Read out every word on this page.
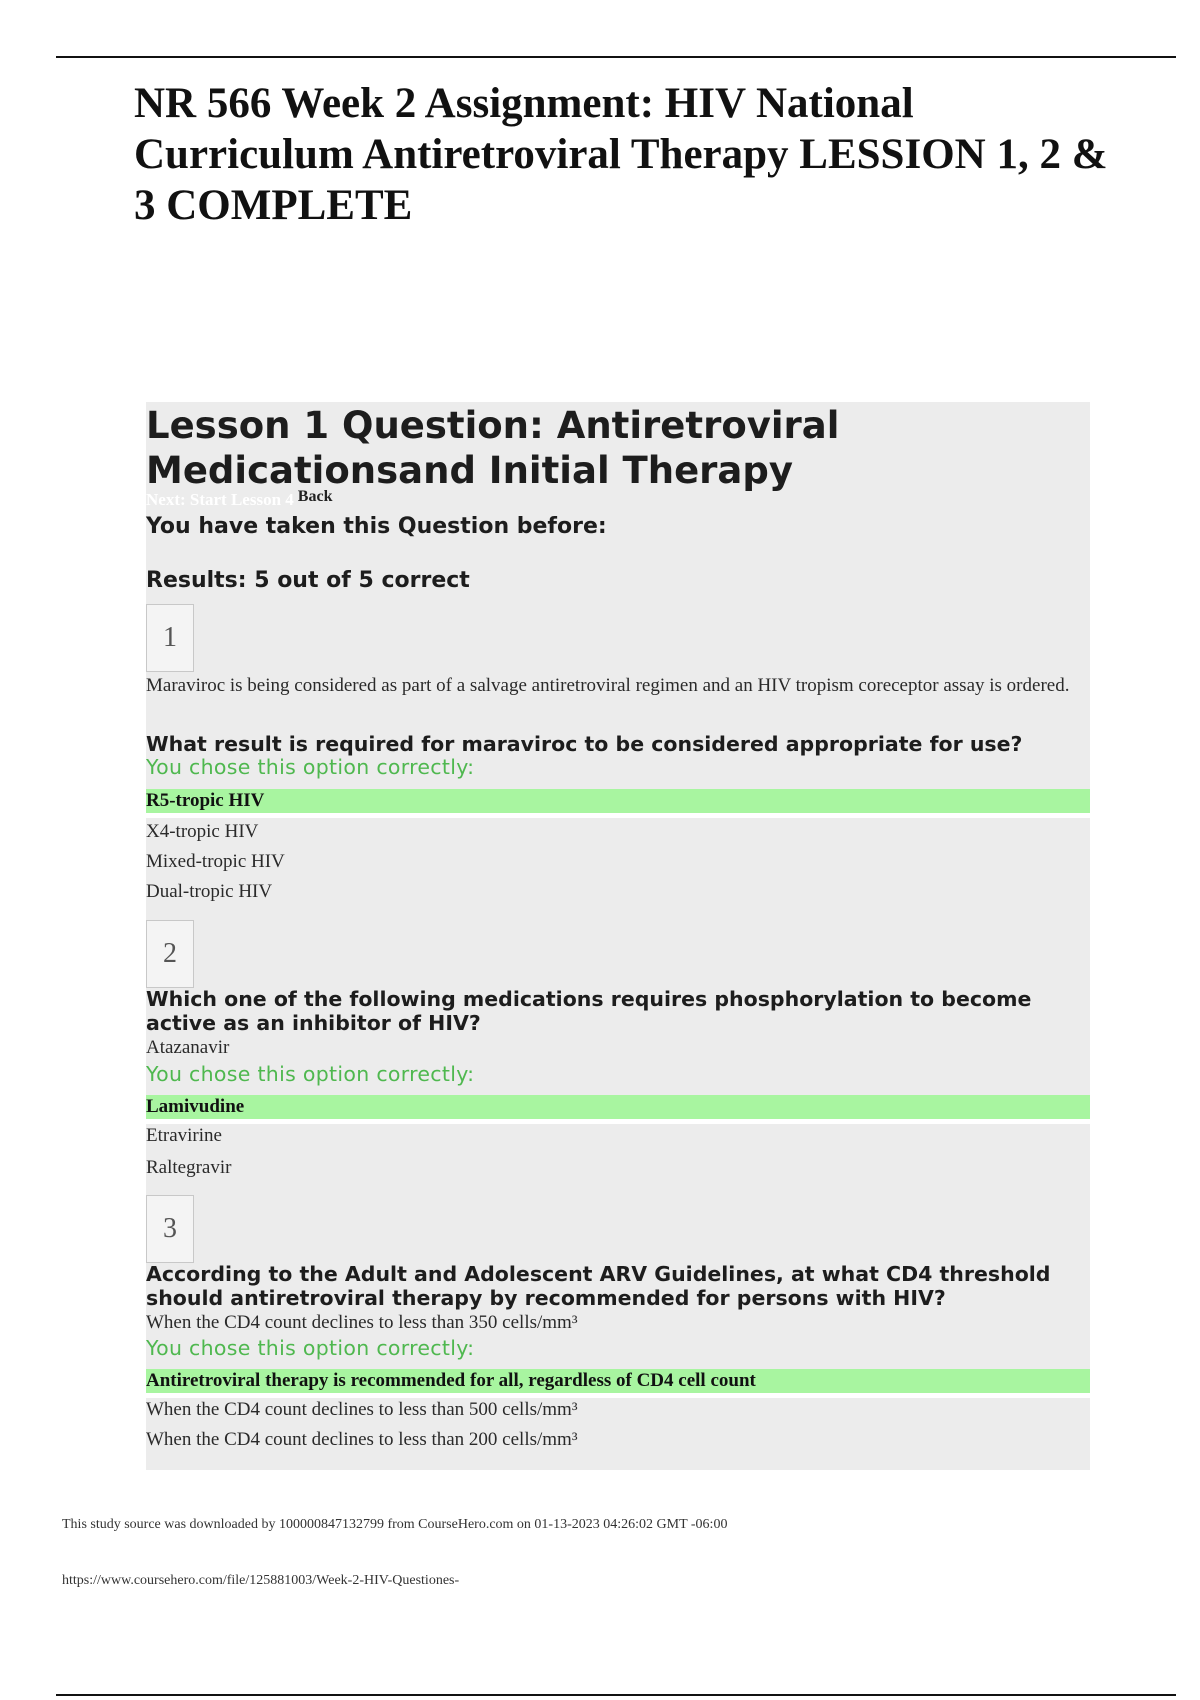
NR 566 Week 2 Assignment: HIV National Curriculum Antiretroviral Therapy LESSION 1, 2 & 3 COMPLETE
Lesson 1 Question: Antiretroviral Medicationsand Initial Therapy
Next: Start Lesson 4 Back
You have taken this Question before:
Results: 5 out of 5 correct
1
Maraviroc is being considered as part of a salvage antiretroviral regimen and an HIV tropism coreceptor assay is ordered.
What result is required for maraviroc to be considered appropriate for use?
You chose this option correctly:
R5-tropic HIV
X4-tropic HIV
Mixed-tropic HIV
Dual-tropic HIV
2
Which one of the following medications requires phosphorylation to become active as an inhibitor of HIV?
Atazanavir
You chose this option correctly:
Lamivudine
Etravirine
Raltegravir
3
According to the Adult and Adolescent ARV Guidelines, at what CD4 threshold should antiretroviral therapy by recommended for persons with HIV?
When the CD4 count declines to less than 350 cells/mm³
You chose this option correctly:
Antiretroviral therapy is recommended for all, regardless of CD4 cell count
When the CD4 count declines to less than 500 cells/mm³
When the CD4 count declines to less than 200 cells/mm³
This study source was downloaded by 100000847132799 from CourseHero.com on 01-13-2023 04:26:02 GMT -06:00
https://www.coursehero.com/file/125881003/Week-2-HIV-Questiones-
